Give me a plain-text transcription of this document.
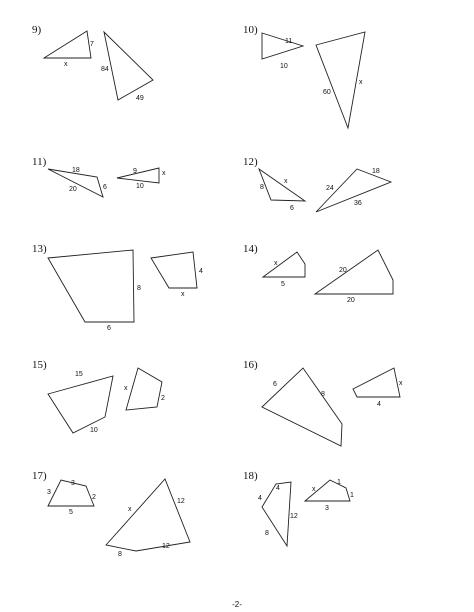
9)
7
x
84
49
10)
11
10
60
x
11)
18
20	6
9	x
10
12)
8
x
6
24
18
36
13)
8
6
4
x
14)
x
5
20
20
15)
15
10
x
2
16)
6
8
x
4
17)
3
3
2
5	x
12
12
8
18)
4
4
12
8
x
1
1
3
-2-
